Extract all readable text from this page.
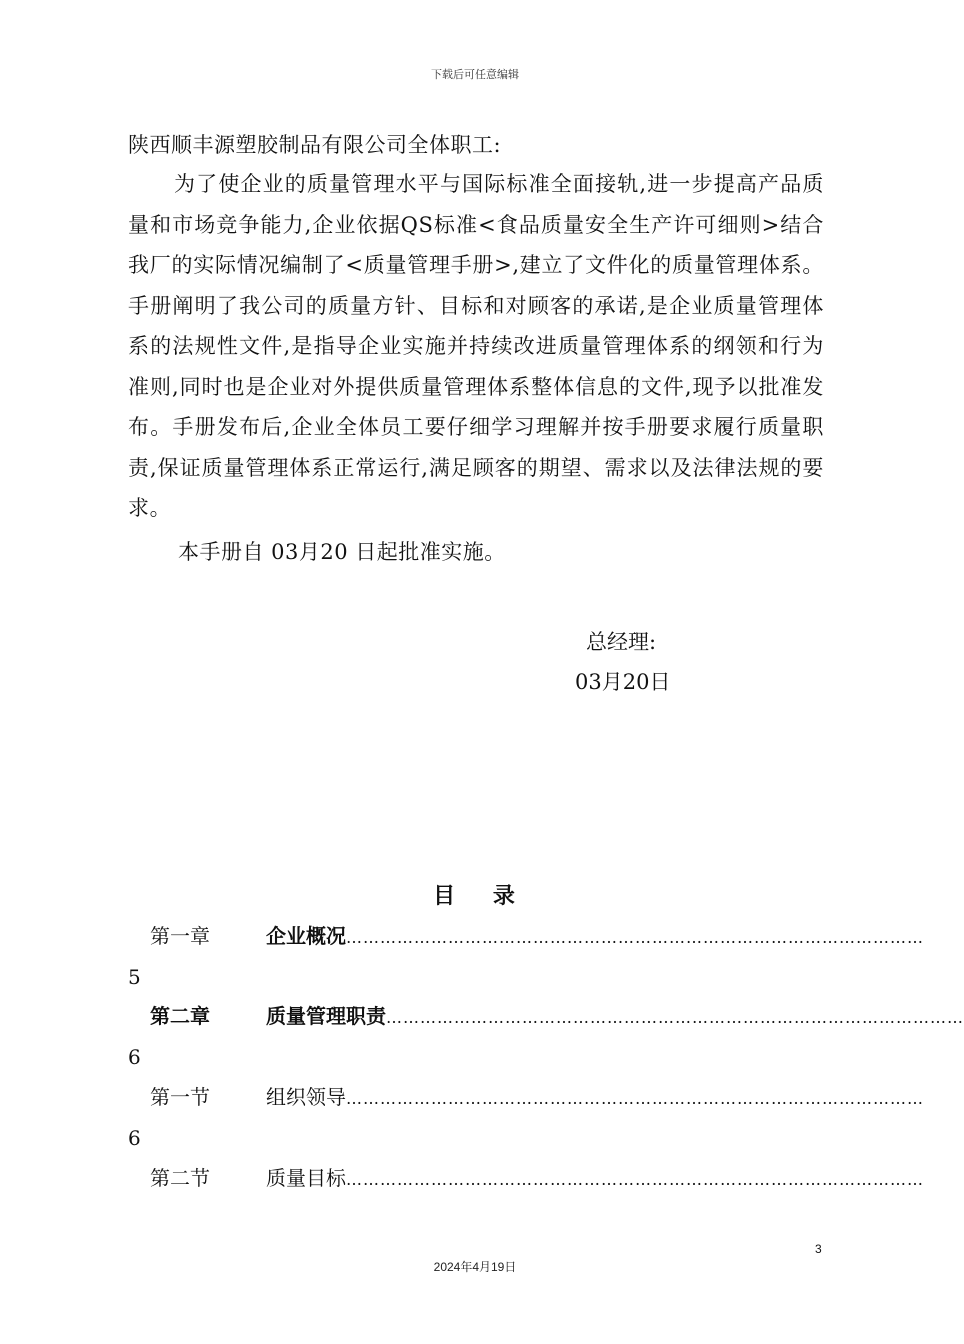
下载后可任意编辑
陕西顺丰源塑胶制品有限公司全体职工:

为了使企业的质量管理水平与国际标准全面接轨,进一步提高产品质量和市场竞争能力,企业依据QS标准<食品质量安全生产许可细则>结合我厂的实际情况编制了<质量管理手册>,建立了文件化的质量管理体系。手册阐明了我公司的质量方针、目标和对顾客的承诺,是企业质量管理体系的法规性文件,是指导企业实施并持续改进质量管理体系的纲领和行为准则,同时也是企业对外提供质量管理体系整体信息的文件,现予以批准发布。手册发布后,企业全体员工要仔细学习理解并按手册要求履行质量职责,保证质量管理体系正常运行,满足顾客的期望、需求以及法律法规的要求。

本手册自 03月20 日起批准实施。
总经理:
03月20日
目 录
第一章	企业概况 …………………………………………………………………………………………
5
第二章	质量管理职责 …………………………………………………………………………………………
6
第一节	组织领导 …………………………………………………………………………………………
6
第二节	质量目标 …………………………………………………………………………………………
3
2024年4月19日
